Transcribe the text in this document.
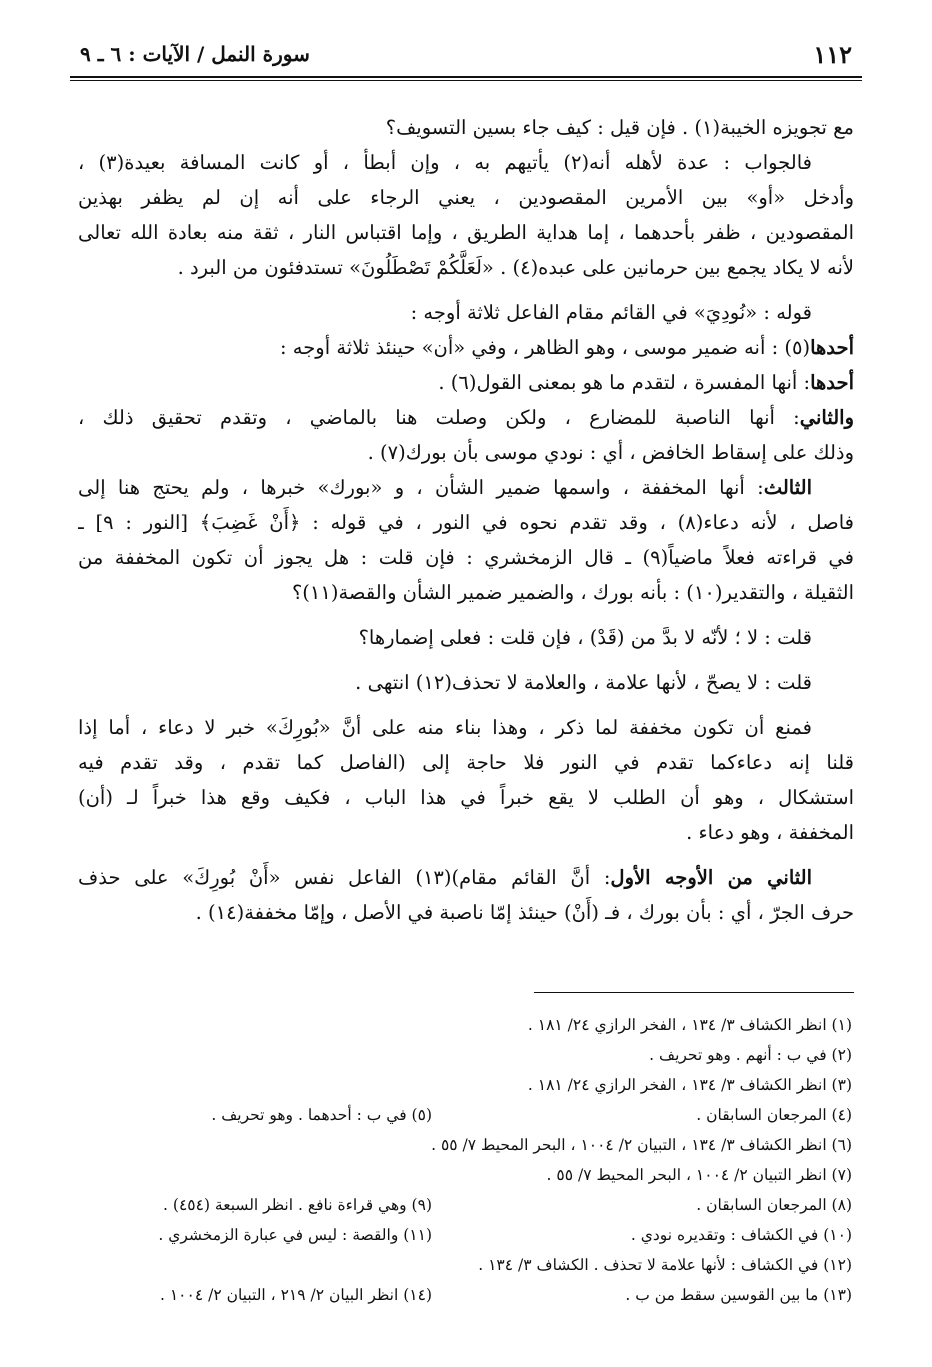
١١٢
سورة النمل / الآيات : ٦ ـ ٩
مع تجويزه الخيبة(١) . فإن قيل : كيف جاء بسين التسويف؟
فالجواب : عدة لأهله أنه(٢) يأتيهم به ، وإن أبطأ ، أو كانت المسافة بعيدة(٣) ،
وأدخل «أو» بين الأمرين المقصودين ، يعني الرجاء على أنه إن لم يظفر بهذين
المقصودين ، ظفر بأحدهما ، إما هداية الطريق ، وإما اقتباس النار ، ثقة منه بعادة الله تعالى
لأنه لا يكاد يجمع بين حرمانين على عبده(٤) . «لَعَلَّكُمْ تَصْطَلُونَ» تستدفئون من البرد .
قوله : «نُودِيَ» في القائم مقام الفاعل ثلاثة أوجه :
أحدها(٥) : أنه ضمير موسى ، وهو الظاهر ، وفي «أن» حينئذ ثلاثة أوجه :
أحدها: أنها المفسرة ، لتقدم ما هو بمعنى القول(٦) .
والثاني: أنها الناصبة للمضارع ، ولكن وصلت هنا بالماضي ، وتقدم تحقيق ذلك ،
وذلك على إسقاط الخافض ، أي : نودي موسى بأن بورك(٧) .
الثالث: أنها المخففة ، واسمها ضمير الشأن ، و «بورك» خبرها ، ولم يحتج هنا إلى
فاصل ، لأنه دعاء(٨) ، وقد تقدم نحوه في النور ، في قوله : ﴿أَنْ غَضِبَ﴾ [النور : ٩] ـ
في قراءته فعلاً ماضياً(٩) ـ قال الزمخشري : فإن قلت : هل يجوز أن تكون المخففة من
الثقيلة ، والتقدير(١٠) : بأنه بورك ، والضمير ضمير الشأن والقصة(١١)؟
قلت : لا ؛ لأنّه لا بدَّ من (قَدْ) ، فإن قلت : فعلى إضمارها؟
قلت : لا يصحّ ، لأنها علامة ، والعلامة لا تحذف(١٢) انتهى .
فمنع أن تكون مخففة لما ذكر ، وهذا بناء منه على أنَّ «بُورِكَ» خبر لا دعاء ، أما إذا
قلنا إنه دعاءكما تقدم في النور فلا حاجة إلى (الفاصل كما تقدم ، وقد تقدم فيه
استشكال ، وهو أن الطلب لا يقع خبراً في هذا الباب ، فكيف وقع هذا خبراً لـ (أن)
المخففة ، وهو دعاء .
الثاني من الأوجه الأول: أنَّ القائم مقام)(١٣) الفاعل نفس «أَنْ بُورِكَ» على حذف
حرف الجرّ ، أي : بأن بورك ، فـ (أَنْ) حينئذ إمّا ناصبة في الأصل ، وإمّا مخففة(١٤) .
(١) انظر الكشاف ٣/ ١٣٤ ، الفخر الرازي ٢٤/ ١٨١ .
(٢) في ب : أنهم . وهو تحريف .
(٣) انظر الكشاف ٣/ ١٣٤ ، الفخر الرازي ٢٤/ ١٨١ .
(٤) المرجعان السابقان .
(٥) في ب : أحدهما . وهو تحريف .
(٦) انظر الكشاف ٣/ ١٣٤ ، التبيان ٢/ ١٠٠٤ ، البحر المحيط ٧/ ٥٥ .
(٧) انظر التبيان ٢/ ١٠٠٤ ، البحر المحيط ٧/ ٥٥ .
(٨) المرجعان السابقان .
(٩) وهي قراءة نافع . انظر السبعة (٤٥٤) .
(١٠) في الكشاف : وتقديره نودي .
(١١) والقصة : ليس في عبارة الزمخشري .
(١٢) في الكشاف : لأنها علامة لا تحذف . الكشاف ٣/ ١٣٤ .
(١٣) ما بين القوسين سقط من ب .
(١٤) انظر البيان ٢/ ٢١٩ ، التبيان ٢/ ١٠٠٤ .
